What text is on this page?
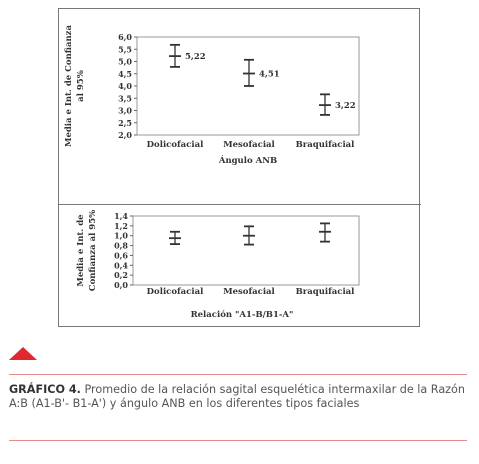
2,0
2,5
3,0
3,5
4,0
4,5
5,0
5,5
6,0
Media e Int. de Confianza al 95%
Dolicofacial
5,22
Mesofacial
4,51
Braquifacial
3,22
Ángulo ANB
0,0
0,2
0,4
0,6
0,8
1,0
1,2
1,4
Media e Int. de Confianza al 95%
Dolicofacial Mesofacial Braquifacial
Relación "A1-B/B1-A"
GRÁFICO 4. Promedio de la relación sagital esquelética intermaxilar de la Razón A:B (A1-B'- B1-A') y ángulo ANB en los diferentes tipos faciales
